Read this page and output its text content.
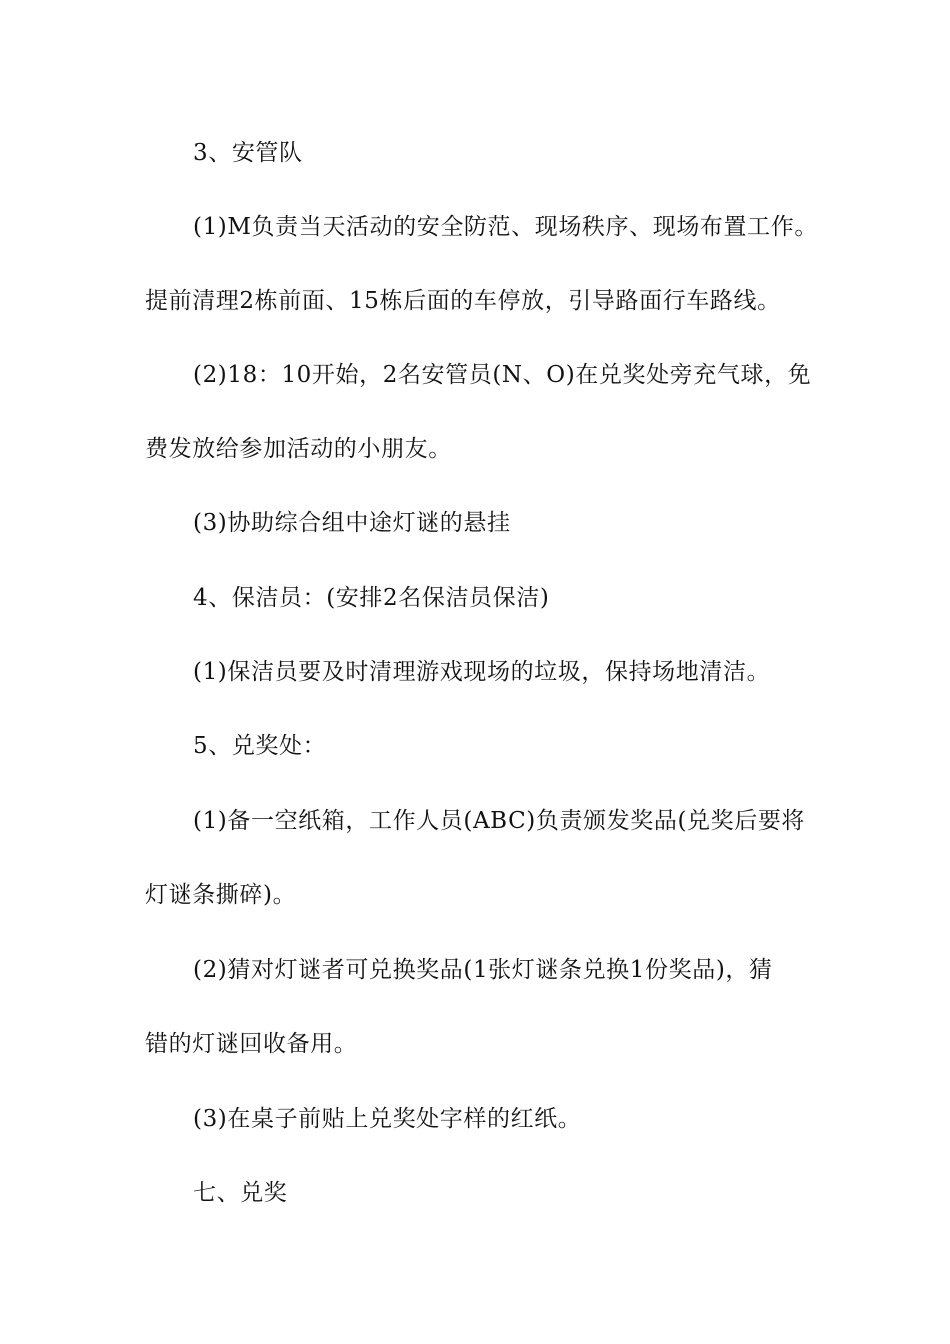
3、安管队
(1)M负责当天活动的安全防范、现场秩序、现场布置工作。
提前清理2栋前面、15栋后面的车停放，引导路面行车路线。
(2)18：10开始，2名安管员(N、O)在兑奖处旁充气球，免
费发放给参加活动的小朋友。
(3)协助综合组中途灯谜的悬挂
4、保洁员：(安排2名保洁员保洁)
(1)保洁员要及时清理游戏现场的垃圾，保持场地清洁。
5、兑奖处：
(1)备一空纸箱，工作人员(ABC)负责颁发奖品(兑奖后要将
灯谜条撕碎)。
(2)猜对灯谜者可兑换奖品(1张灯谜条兑换1份奖品)，猜
错的灯谜回收备用。
(3)在桌子前贴上兑奖处字样的红纸。
七、兑奖
